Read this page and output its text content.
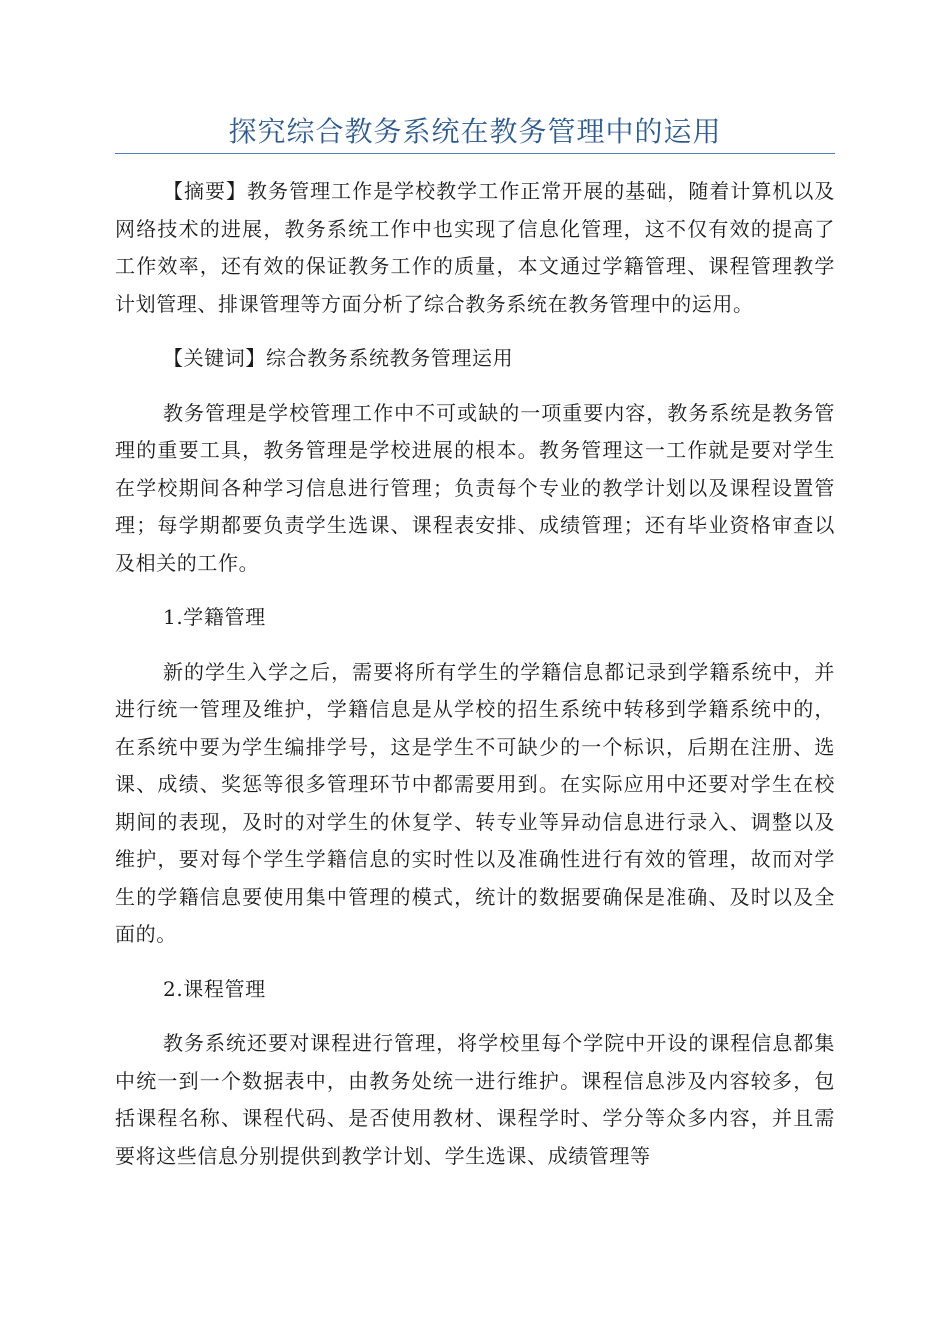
探究综合教务系统在教务管理中的运用

【摘要】教务管理工作是学校教学工作正常开展的基础，随着计算机以及网络技术的进展，教务系统工作中也实现了信息化管理，这不仅有效的提高了工作效率，还有效的保证教务工作的质量，本文通过学籍管理、课程管理教学计划管理、排课管理等方面分析了综合教务系统在教务管理中的运用。

【关键词】综合教务系统教务管理运用

教务管理是学校管理工作中不可或缺的一项重要内容，教务系统是教务管理的重要工具，教务管理是学校进展的根本。教务管理这一工作就是要对学生在学校期间各种学习信息进行管理；负责每个专业的教学计划以及课程设置管理；每学期都要负责学生选课、课程表安排、成绩管理；还有毕业资格审查以及相关的工作。

1.学籍管理

新的学生入学之后，需要将所有学生的学籍信息都记录到学籍系统中，并进行统一管理及维护，学籍信息是从学校的招生系统中转移到学籍系统中的，在系统中要为学生编排学号，这是学生不可缺少的一个标识，后期在注册、选课、成绩、奖惩等很多管理环节中都需要用到。在实际应用中还要对学生在校期间的表现，及时的对学生的休复学、转专业等异动信息进行录入、调整以及维护，要对每个学生学籍信息的实时性以及准确性进行有效的管理，故而对学生的学籍信息要使用集中管理的模式，统计的数据要确保是准确、及时以及全面的。

2.课程管理

教务系统还要对课程进行管理，将学校里每个学院中开设的课程信息都集中统一到一个数据表中，由教务处统一进行维护。课程信息涉及内容较多，包括课程名称、课程代码、是否使用教材、课程学时、学分等众多内容，并且需要将这些信息分别提供到教学计划、学生选课、成绩管理等
